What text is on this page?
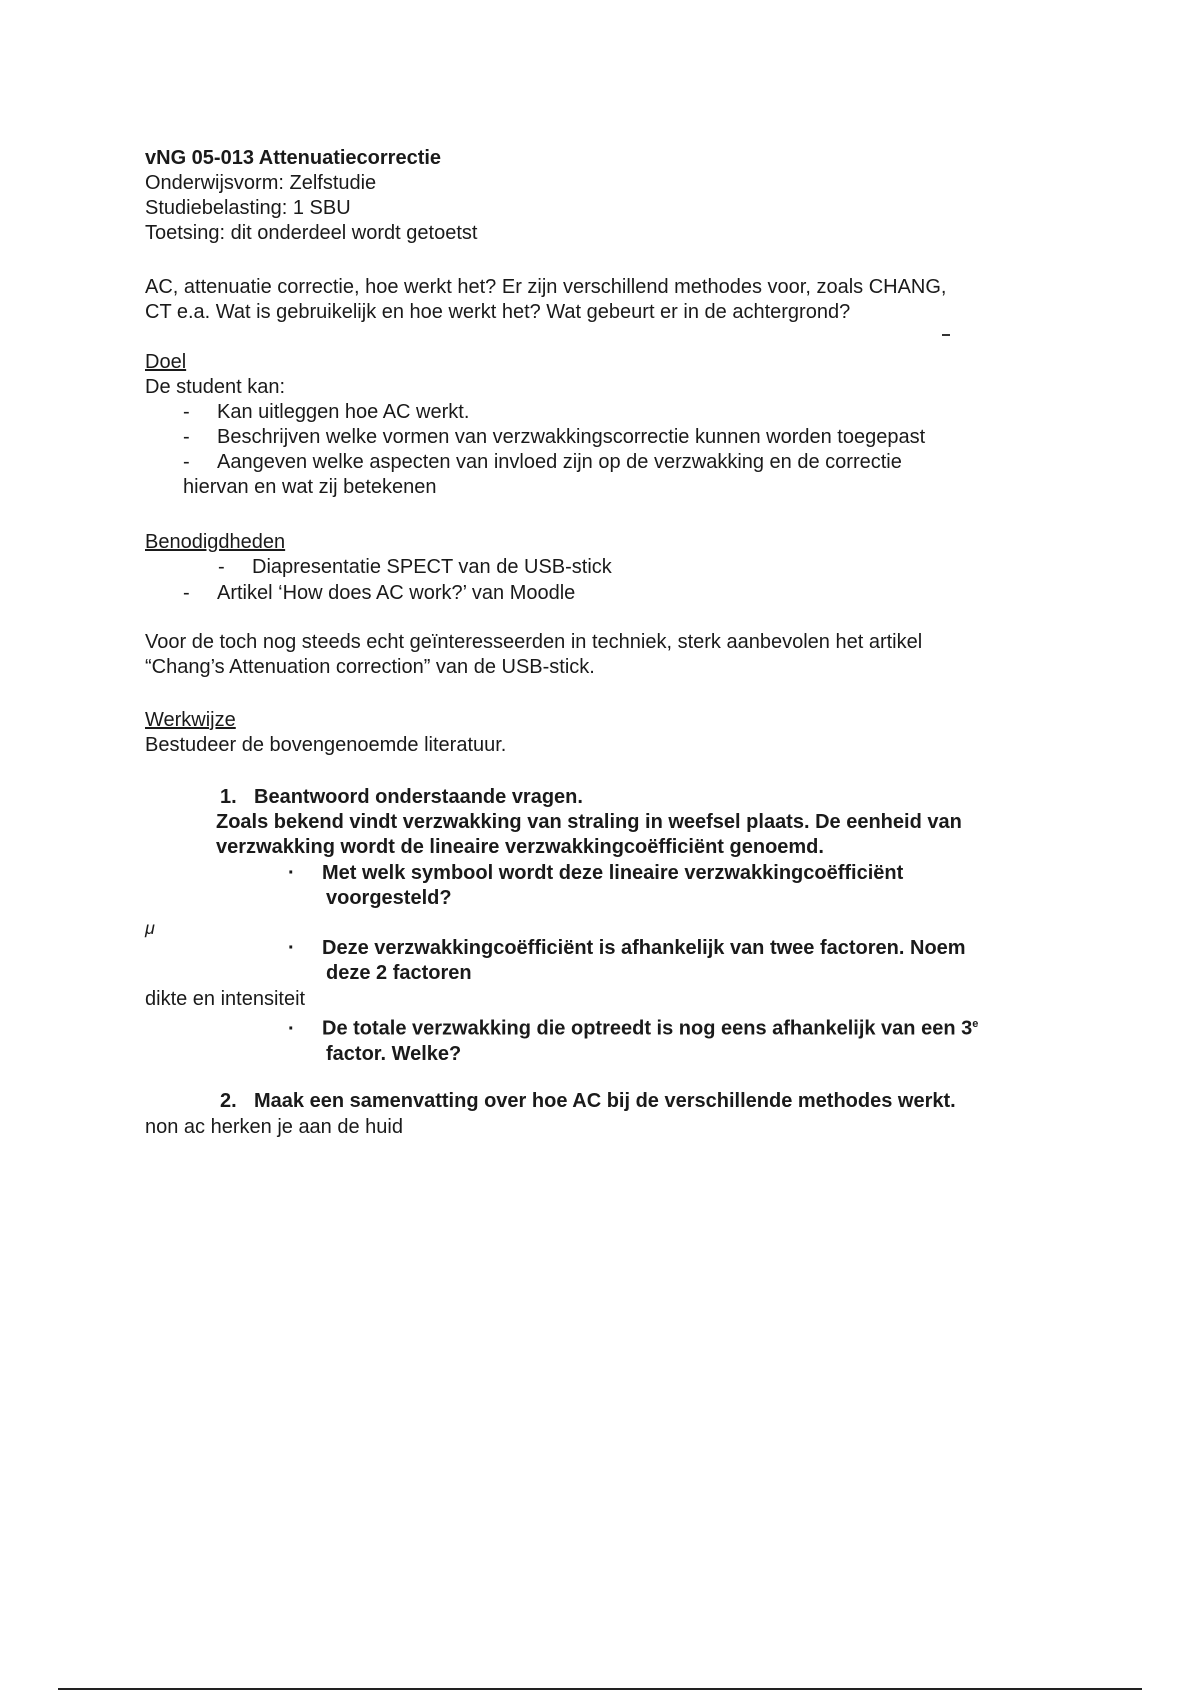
vNG 05-013 Attenuatiecorrectie
Onderwijsvorm: Zelfstudie
Studiebelasting: 1 SBU
Toetsing: dit onderdeel wordt getoetst
AC, attenuatie correctie, hoe werkt het? Er zijn verschillend methodes voor, zoals CHANG,
CT e.a. Wat is gebruikelijk en hoe werkt het? Wat gebeurt er in de achtergrond?
Doel
De student kan:
- Kan uitleggen hoe AC werkt.
- Beschrijven welke vormen van verzwakkingscorrectie kunnen worden toegepast
- Aangeven welke aspecten van invloed zijn op de verzwakking en de correctie
hiervan en wat zij betekenen
Benodigdheden
- Diapresentatie SPECT van de USB-stick
- Artikel ‘How does AC work?’ van Moodle
Voor de toch nog steeds echt geïnteresseerden in techniek, sterk aanbevolen het artikel
“Chang’s Attenuation correction” van de USB-stick.
Werkwijze
Bestudeer de bovengenoemde literatuur.
1. Beantwoord onderstaande vragen.
Zoals bekend vindt verzwakking van straling in weefsel plaats. De eenheid van
verzwakking wordt de lineaire verzwakkingcoëfficiënt genoemd.
· Met welk symbool wordt deze lineaire verzwakkingcoëfficiënt
voorgesteld?
μ
· Deze verzwakkingcoëfficiënt is afhankelijk van twee factoren. Noem
deze 2 factoren
dikte en intensiteit
· De totale verzwakking die optreedt is nog eens afhankelijk van een 3e
factor. Welke?
2. Maak een samenvatting over hoe AC bij de verschillende methodes werkt.
non ac herken je aan de huid
